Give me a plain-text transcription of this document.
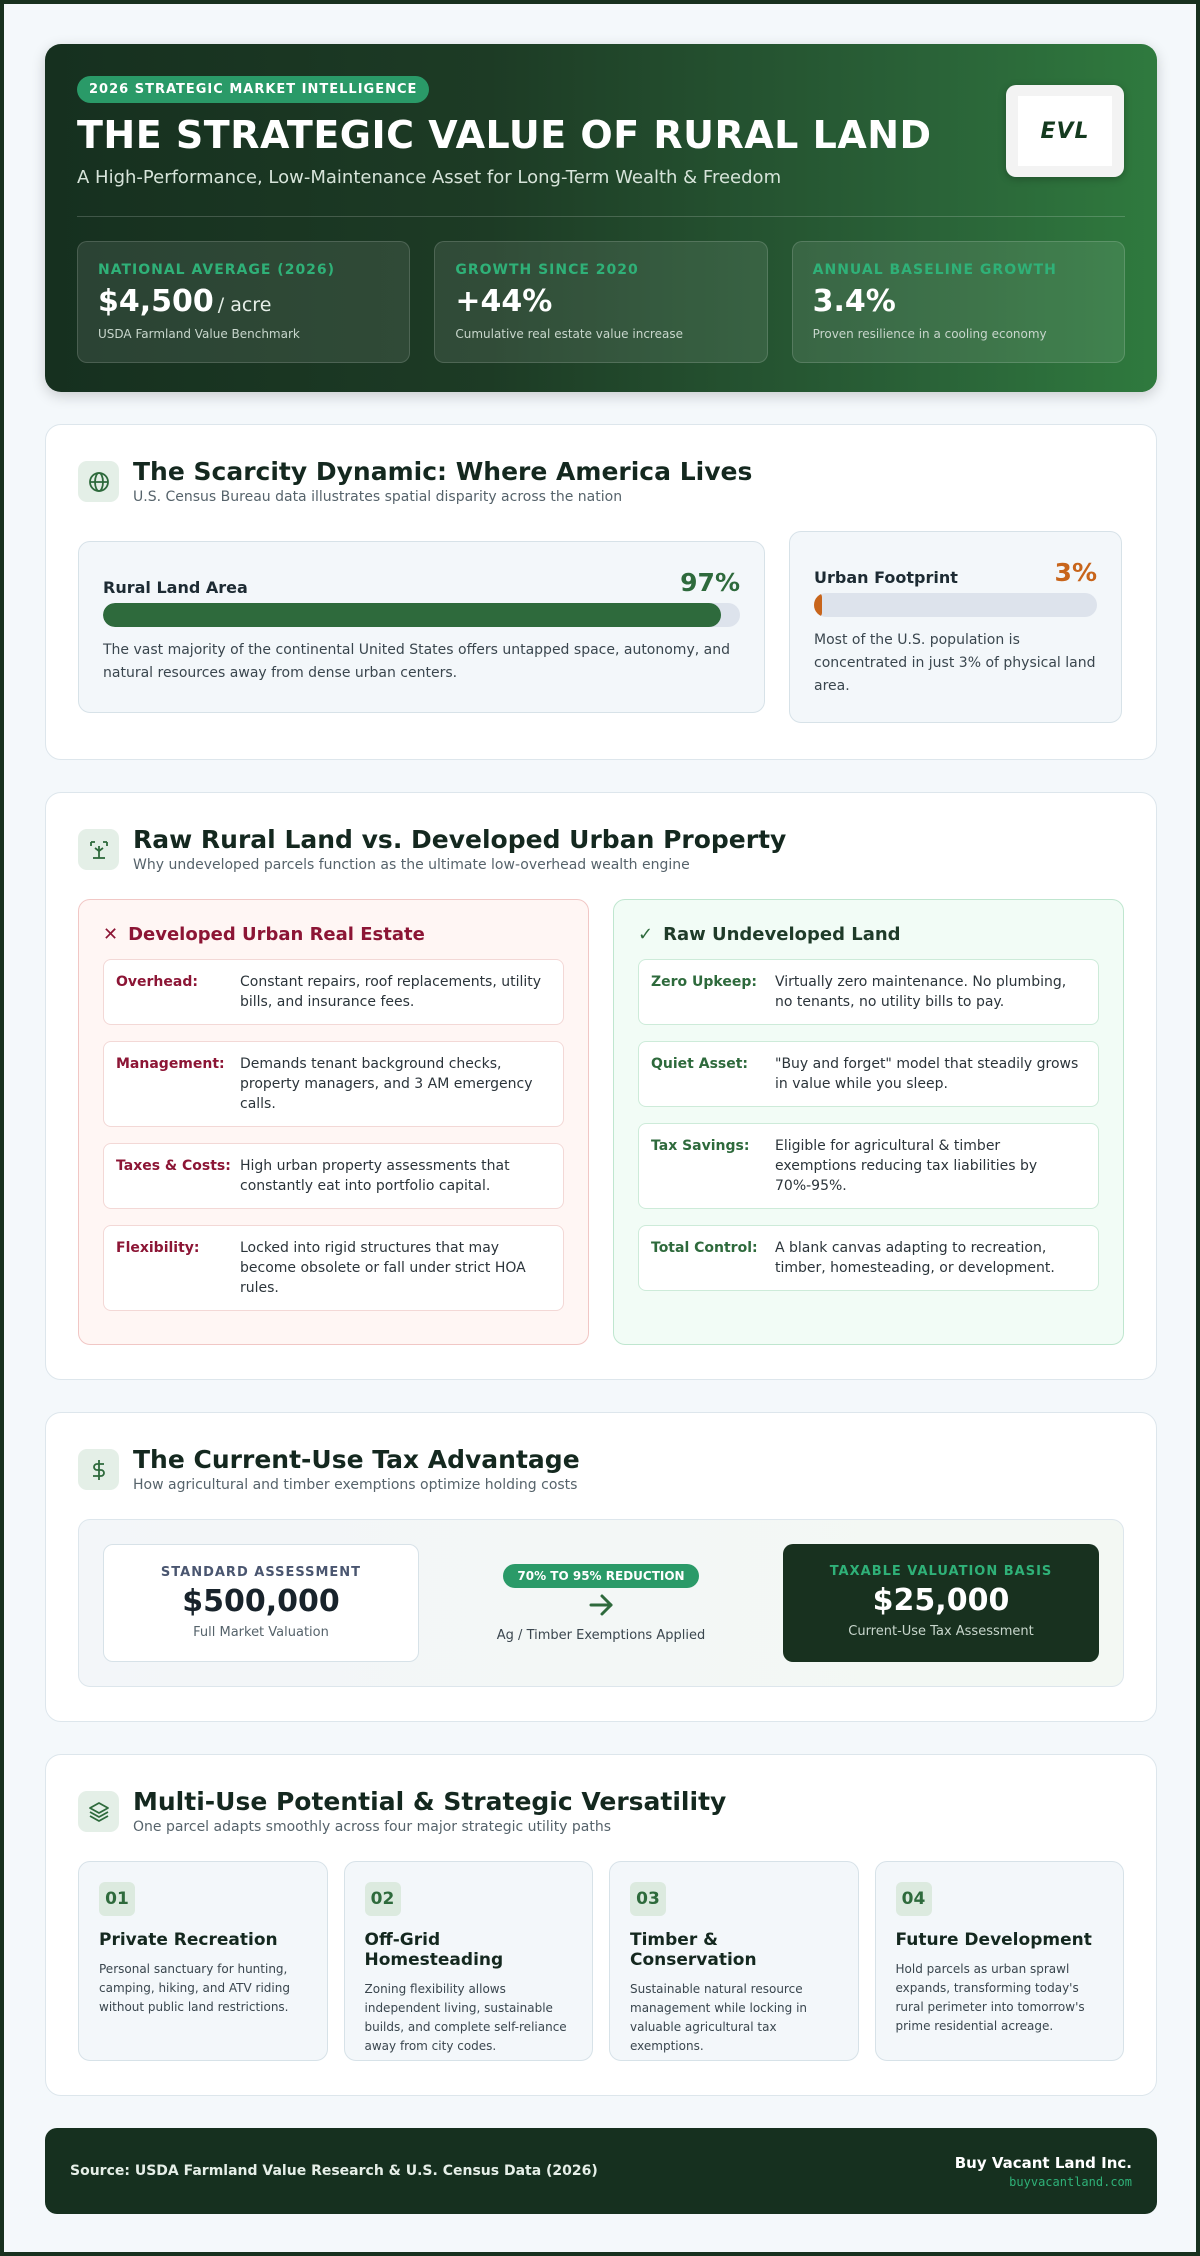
2026 STRATEGIC MARKET INTELLIGENCE
THE STRATEGIC VALUE OF RURAL LAND
A High-Performance, Low-Maintenance Asset for Long-Term Wealth & Freedom
EVL
NATIONAL AVERAGE (2026)
$4,500 / acre
USDA Farmland Value Benchmark
GROWTH SINCE 2020
+44%
Cumulative real estate value increase
ANNUAL BASELINE GROWTH
3.4%
Proven resilience in a cooling economy
The Scarcity Dynamic: Where America Lives

U.S. Census Bureau data illustrates spatial disparity across the nation

Rural Land Area	97%
The vast majority of the continental United States offers untapped space, autonomy, and natural resources away from dense urban centers.
Urban Footprint	3%
Most of the U.S. population is concentrated in just 3% of physical land area.
Raw Rural Land vs. Developed Urban Property

Why undeveloped parcels function as the ultimate low-overhead wealth engine

✕ Developed Urban Real Estate
Overhead:	Constant repairs, roof replacements, utility bills, and insurance fees.
Management:	Demands tenant background checks, property managers, and 3 AM emergency calls.
Taxes & Costs: High urban property assessments that constantly eat into portfolio capital.
Flexibility:	Locked into rigid structures that may become obsolete or fall under strict HOA rules.
✓ Raw Undeveloped Land
Zero Upkeep:	Virtually zero maintenance. No plumbing, no tenants, no utility bills to pay.
Quiet Asset:	"Buy and forget" model that steadily grows in value while you sleep.
Tax Savings:	Eligible for agricultural & timber exemptions reducing tax liabilities by 70%-95%.
Total Control:	A blank canvas adapting to recreation, timber, homesteading, or development.
The Current-Use Tax Advantage

How agricultural and timber exemptions optimize holding costs

STANDARD ASSESSMENT
$500,000
Full Market Valuation
70% TO 95% REDUCTION
Ag / Timber Exemptions Applied
TAXABLE VALUATION BASIS
$25,000
Current-Use Tax Assessment
Multi-Use Potential & Strategic Versatility

One parcel adapts smoothly across four major strategic utility paths

01
Private Recreation

Personal sanctuary for hunting, camping, hiking, and ATV riding without public land restrictions.

02
Off-Grid Homesteading

Zoning flexibility allows independent living, sustainable builds, and complete self-reliance away from city codes.

03
Timber & Conservation

Sustainable natural resource management while locking in valuable agricultural tax exemptions.

04
Future Development

Hold parcels as urban sprawl expands, transforming today's rural perimeter into tomorrow's prime residential acreage.

Source: USDA Farmland Value Research & U.S. Census Data (2026)	Buy Vacant Land Inc.
buyvacantland.com
